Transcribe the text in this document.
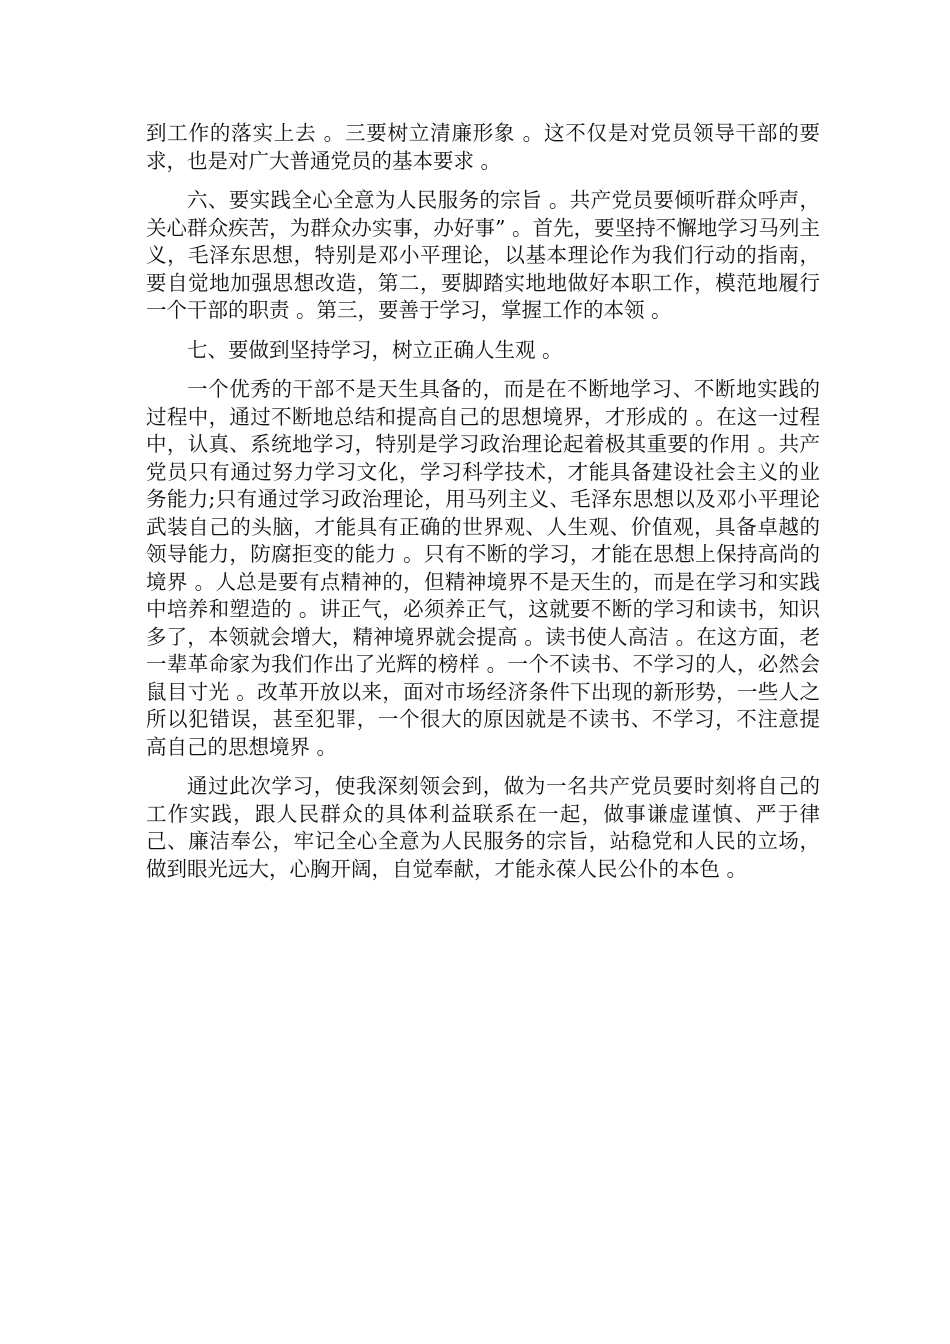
到工作的落实上去 。三要树立清廉形象 。这不仅是对党员领导干部的要求，也是对广大普通党员的基本要求 。

六、要实践全心全意为人民服务的宗旨 。共产党员要倾听群众呼声，关心群众疾苦，为群众办实事，办好事” 。首先，要坚持不懈地学习马列主义，毛泽东思想，特别是邓小平理论，以基本理论作为我们行动的指南，要自觉地加强思想改造，第二，要脚踏实地地做好本职工作，模范地履行一个干部的职责 。第三，要善于学习，掌握工作的本领 。

七、要做到坚持学习，树立正确人生观 。

一个优秀的干部不是天生具备的，而是在不断地学习、不断地实践的过程中，通过不断地总结和提高自己的思想境界，才形成的 。在这一过程中，认真、系统地学习，特别是学习政治理论起着极其重要的作用 。共产党员只有通过努力学习文化，学习科学技术，才能具备建设社会主义的业务能力;只有通过学习政治理论，用马列主义、毛泽东思想以及邓小平理论武装自己的头脑，才能具有正确的世界观、人生观、价值观，具备卓越的领导能力，防腐拒变的能力 。只有不断的学习，才能在思想上保持高尚的境界 。人总是要有点精神的，但精神境界不是天生的，而是在学习和实践中培养和塑造的 。讲正气，必须养正气，这就要不断的学习和读书，知识多了，本领就会增大，精神境界就会提高 。读书使人高洁 。在这方面，老一辈革命家为我们作出了光辉的榜样 。一个不读书、不学习的人，必然会鼠目寸光 。改革开放以来，面对市场经济条件下出现的新形势，一些人之所以犯错误，甚至犯罪，一个很大的原因就是不读书、不学习，不注意提高自己的思想境界 。

通过此次学习，使我深刻领会到，做为一名共产党员要时刻将自己的工作实践，跟人民群众的具体利益联系在一起，做事谦虚谨慎、严于律己、廉洁奉公，牢记全心全意为人民服务的宗旨，站稳党和人民的立场，做到眼光远大，心胸开阔，自觉奉献，才能永葆人民公仆的本色 。
